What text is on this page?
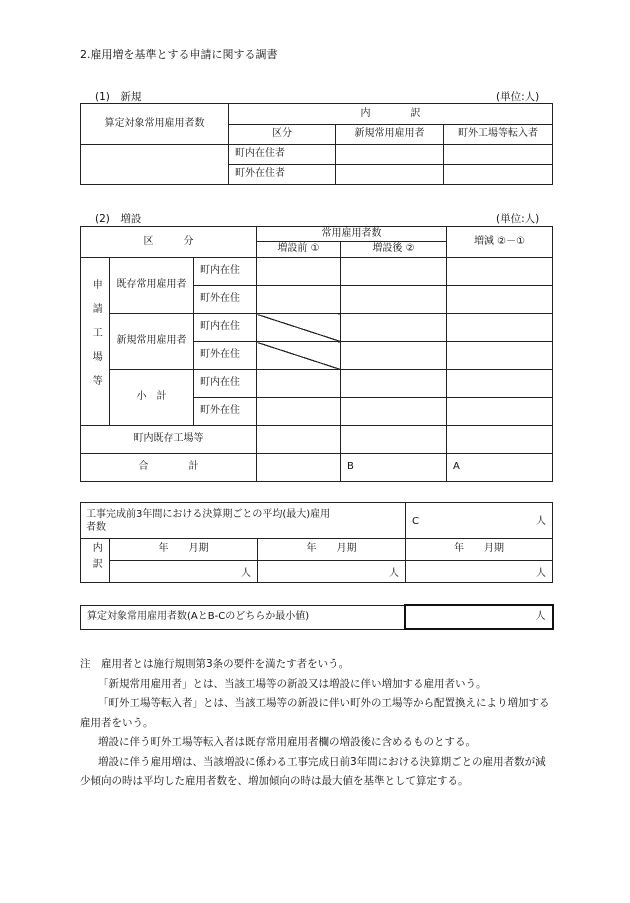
2.雇用増を基準とする申請に関する調書
(1)　新規	(単位:人)
算定対象常用雇用者数	内　　　　訳		
	区分	新規常用雇用者	町外工場等転入者
	町内在住者		
	町外在住者		
(2)　増設	(単位:人)
区　　　分			常用雇用者数		増減 ②－①
			増設前 ①	増設後 ②	
申請工場等	既存常用雇用者	町内在住			
		町外在住			
	新規常用雇用者	町内在住			
		町外在住			
	小　計	町内在住			
		町外在住			
町内既存工場等					
合　　　　計				B	A
工事完成前3年間における決算期ごとの平均(最大)雇用者数	C	人
内訳	年　　月期	年　　月期	年　　月期
	人	人	人
算定対象常用雇用者数(AとB-Cのどちらか最小値)	人

注　雇用者とは施行規則第3条の要件を満たす者をいう。

「新規常用雇用者」とは、当該工場等の新設又は増設に伴い増加する雇用者いう。

「町外工場等転入者」とは、当該工場等の新設に伴い町外の工場等から配置換えにより増加する雇用者をいう。

増設に伴う町外工場等転入者は既存常用雇用者欄の増設後に含めるものとする。

増設に伴う雇用増は、当該増設に係わる工事完成日前3年間における決算期ごとの雇用者数が減少傾向の時は平均した雇用者数を、増加傾向の時は最大値を基準として算定する。
